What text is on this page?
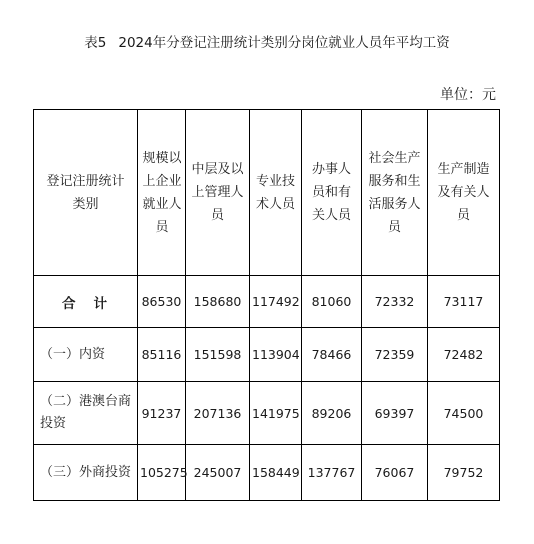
表5 2024年分登记注册统计类别分岗位就业人员年平均工资
单位：元
登记注册统计类别	规模以上企业就业人员	中层及以上管理人员	专业技术人员	办事人员和有关人员	社会生产服务和生活服务人员	生产制造及有关人员
合计	86530	158680	117492	81060	72332	73117
（一）内资	85116	151598	113904	78466	72359	72482
（二）港澳台商投资	91237	207136	141975	89206	69397	74500
（三）外商投资	105275	245007	158449	137767	76067	79752
